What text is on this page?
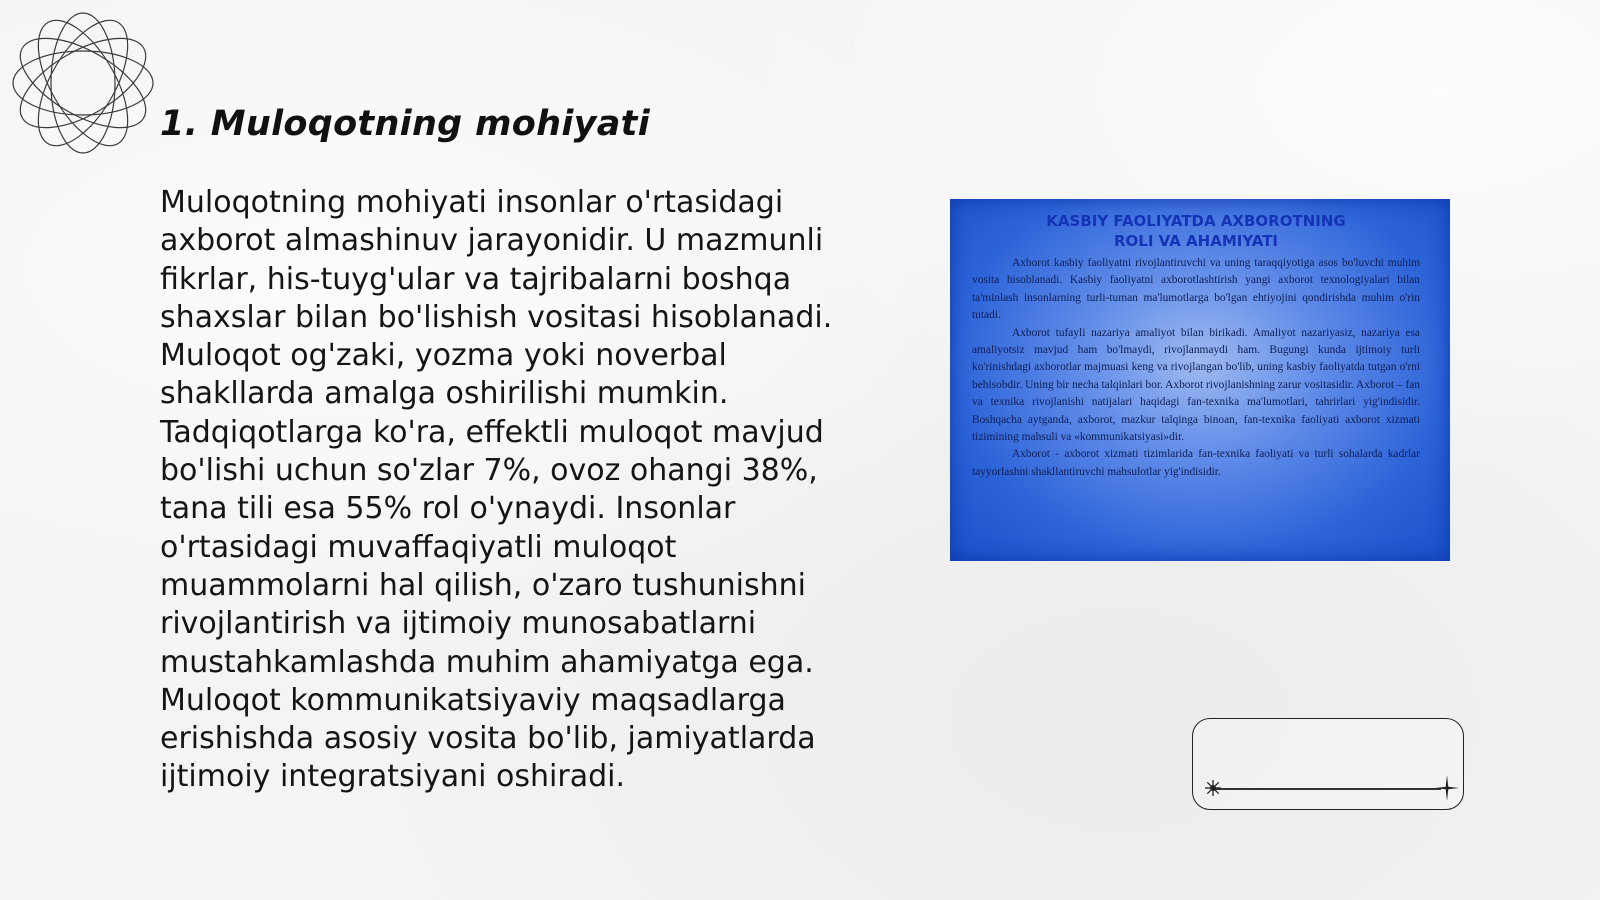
1. Muloqotning mohiyati

Muloqotning mohiyati insonlar o'rtasidagi axborot almashinuv jarayonidir. U mazmunli fikrlar, his-tuyg'ular va tajribalarni boshqa shaxslar bilan bo'lishish vositasi hisoblanadi. Muloqot og'zaki, yozma yoki noverbal shakllarda amalga oshirilishi mumkin. Tadqiqotlarga ko'ra, effektli muloqot mavjud bo'lishi uchun so'zlar 7%, ovoz ohangi 38%, tana tili esa 55% rol o'ynaydi. Insonlar o'rtasidagi muvaffaqiyatli muloqot muammolarni hal qilish, o'zaro tushunishni rivojlantirish va ijtimoiy munosabatlarni mustahkamlashda muhim ahamiyatga ega. Muloqot kommunikatsiyaviy maqsadlarga erishishda asosiy vosita bo'lib, jamiyatlarda ijtimoiy integratsiyani oshiradi.

KASBIY FAOLIYATDA AXBOROTNING
ROLI VA AHAMIYATI

Axborot kasbiy faoliyatni rivojlantiruvchi va uning taraqqiyotiga asos bo'luvchi muhim vosita hisoblanadi. Kasbiy faoliyatni axborotlashtirish yangi axborot texnologiyalari bilan ta'minlash insonlarning turli-tuman ma'lumotlarga bo'lgan ehtiyojini qondirishda muhim o'rin tutadi.

Axborot tufayli nazariya amaliyot bilan birikadi. Amaliyot nazariyasiz, nazariya esa amaliyotsiz mavjud ham bo'lmaydi, rivojlanmaydi ham. Bugungi kunda ijtimoiy turli ko'rinishdagi axborotlar majmuasi keng va rivojlangan bo'lib, uning kasbiy faoliyatda tutgan o'rni behisobdir. Uning bir necha talqinlari bor. Axborot rivojlanishning zarur vositasidir. Axborot – fan va texnika rivojlanishi natijalari haqidagi fan-texnika ma'lumotlari, tahrirlari yig'indisidir. Boshqacha aytganda, axborot, mazkur talqinga binoan, fan-texnika faoliyati axborot xizmati tizimining mahsuli va «kommunikatsiyasi»dir.

Axborot - axborot xizmati tizimlarida fan-texnika faoliyati va turli sohalarda kadrlar tayyorlashni shakllantiruvchi mahsulotlar yig'indisidir.
